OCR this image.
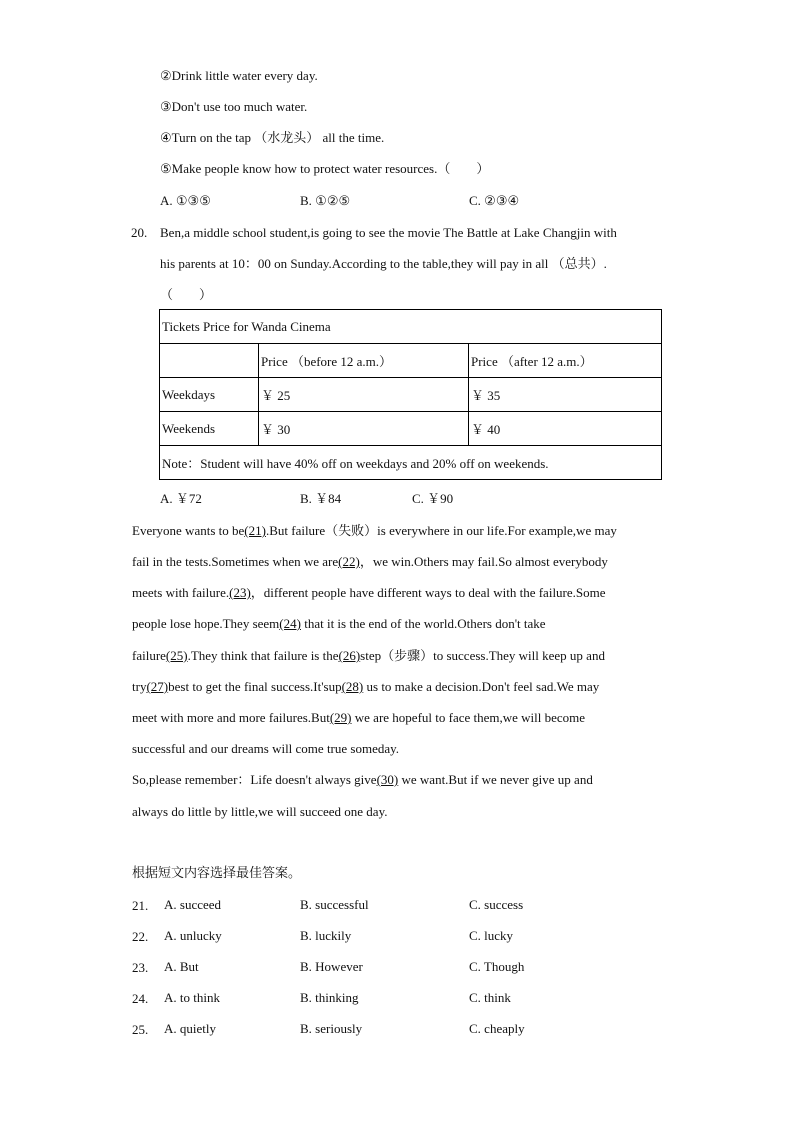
②Drink little water every day.
③Don't use too much water.
④Turn on the tap （水龙头） all the time.
⑤Make people know how to protect water resources.（　　）
A. ①③⑤	B. ①②⑤	C. ②③④
20. Ben,a middle school student,is going to see the movie The Battle at Lake Changjin with
his parents at 10：00 on Sunday.According to the table,they will pay in all （总共）.
（　　）
Tickets Price for Wanda Cinema		
	Price （before 12 a.m.）	Price （after 12 a.m.）
Weekdays	￥ 25	￥ 35
Weekends	￥ 30	￥ 40
Note：Student will have 40% off on weekdays and 20% off on weekends.		
A. ￥72	B. ￥84	C. ￥90
Everyone wants to be(21).But failure（失败）is everywhere in our life.For example,we may
fail in the tests.Sometimes when we are(22)，we win.Others may fail.So almost everybody
meets with failure.(23)，different people have different ways to deal with the failure.Some
people lose hope.They seem(24) that it is the end of the world.Others don't take
failure(25).They think that failure is the(26)step（步骤）to success.They will keep up and
try(27)best to get the final success.It'sup(28) us to make a decision.Don't feel sad.We may
meet with more and more failures.But(29) we are hopeful to face them,we will become
successful and our dreams will come true someday.
So,please remember：Life doesn't always give(30) we want.But if we never give up and
always do little by little,we will succeed one day.
根据短文内容选择最佳答案。
21. A. succeed	B. successful	C. success
22. A. unlucky	B. luckily	C. lucky
23. A. But	B. However	C. Though
24. A. to think	B. thinking	C. think
25. A. quietly	B. seriously	C. cheaply
